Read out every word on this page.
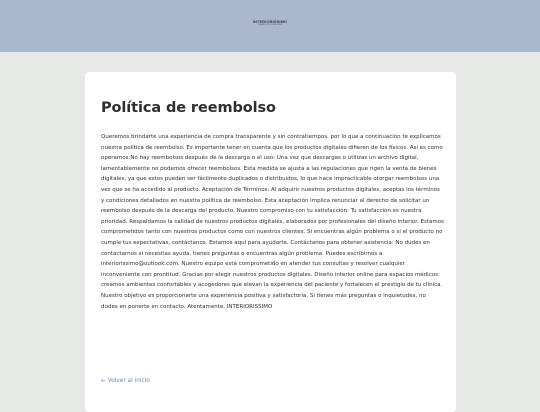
INTERIORISSIMO
DISEÑO DE INTERIORES
Política de reembolso

Queremos brindarte una experiencia de compra transparente y sin contratiempos, por lo que a continuación te explicamos nuestra política de reembolso. Es importante tener en cuenta que los productos digitales difieren de los físicos. Así es como operamos:No hay reembolsos después de la descarga o el uso: Una vez que descargas o utilizas un archivo digital, lamentablemente no podemos ofrecer reembolsos. Esta medida se ajusta a las regulaciones que rigen la venta de bienes digitales, ya que estos pueden ser fácilmente duplicados o distribuidos, lo que hace impracticable otorgar reembolsos una vez que se ha accedido al producto. Aceptación de Términos: Al adquirir nuestros productos digitales, aceptas los términos y condiciones detallados en nuestra política de reembolso. Esta aceptación implica renunciar al derecho de solicitar un reembolso después de la descarga del producto. Nuestro compromiso con tu satisfacción: Tu satisfacción es nuestra prioridad. Respaldamos la calidad de nuestros productos digitales, elaborados por profesionales del diseño interior. Estamos comprometidos tanto con nuestros productos como con nuestros clientes. Si encuentras algún problema o si el producto no cumple tus expectativas, contáctanos. Estamos aquí para ayudarte. Contáctanos para obtener asistencia: No dudes en contactarnos si necesitas ayuda, tienes preguntas o encuentras algún problema. Puedes escribirnos a interiorissimo@outlook.com. Nuestro equipo está comprometido en atender tus consultas y resolver cualquier inconveniente con prontitud. Gracias por elegir nuestros productos digitales. Diseño interior online para espacios médicos: creamos ambientes confortables y acogedores que elevan la experiencia del paciente y fortalecen el prestigio de tu clínica. Nuestro objetivo es proporcionarte una experiencia positiva y satisfactoria. Si tienes más preguntas o inquietudes, no dudes en ponerte en contacto. Atentamente, INTERIORISSIMO

← Volver al inicio
